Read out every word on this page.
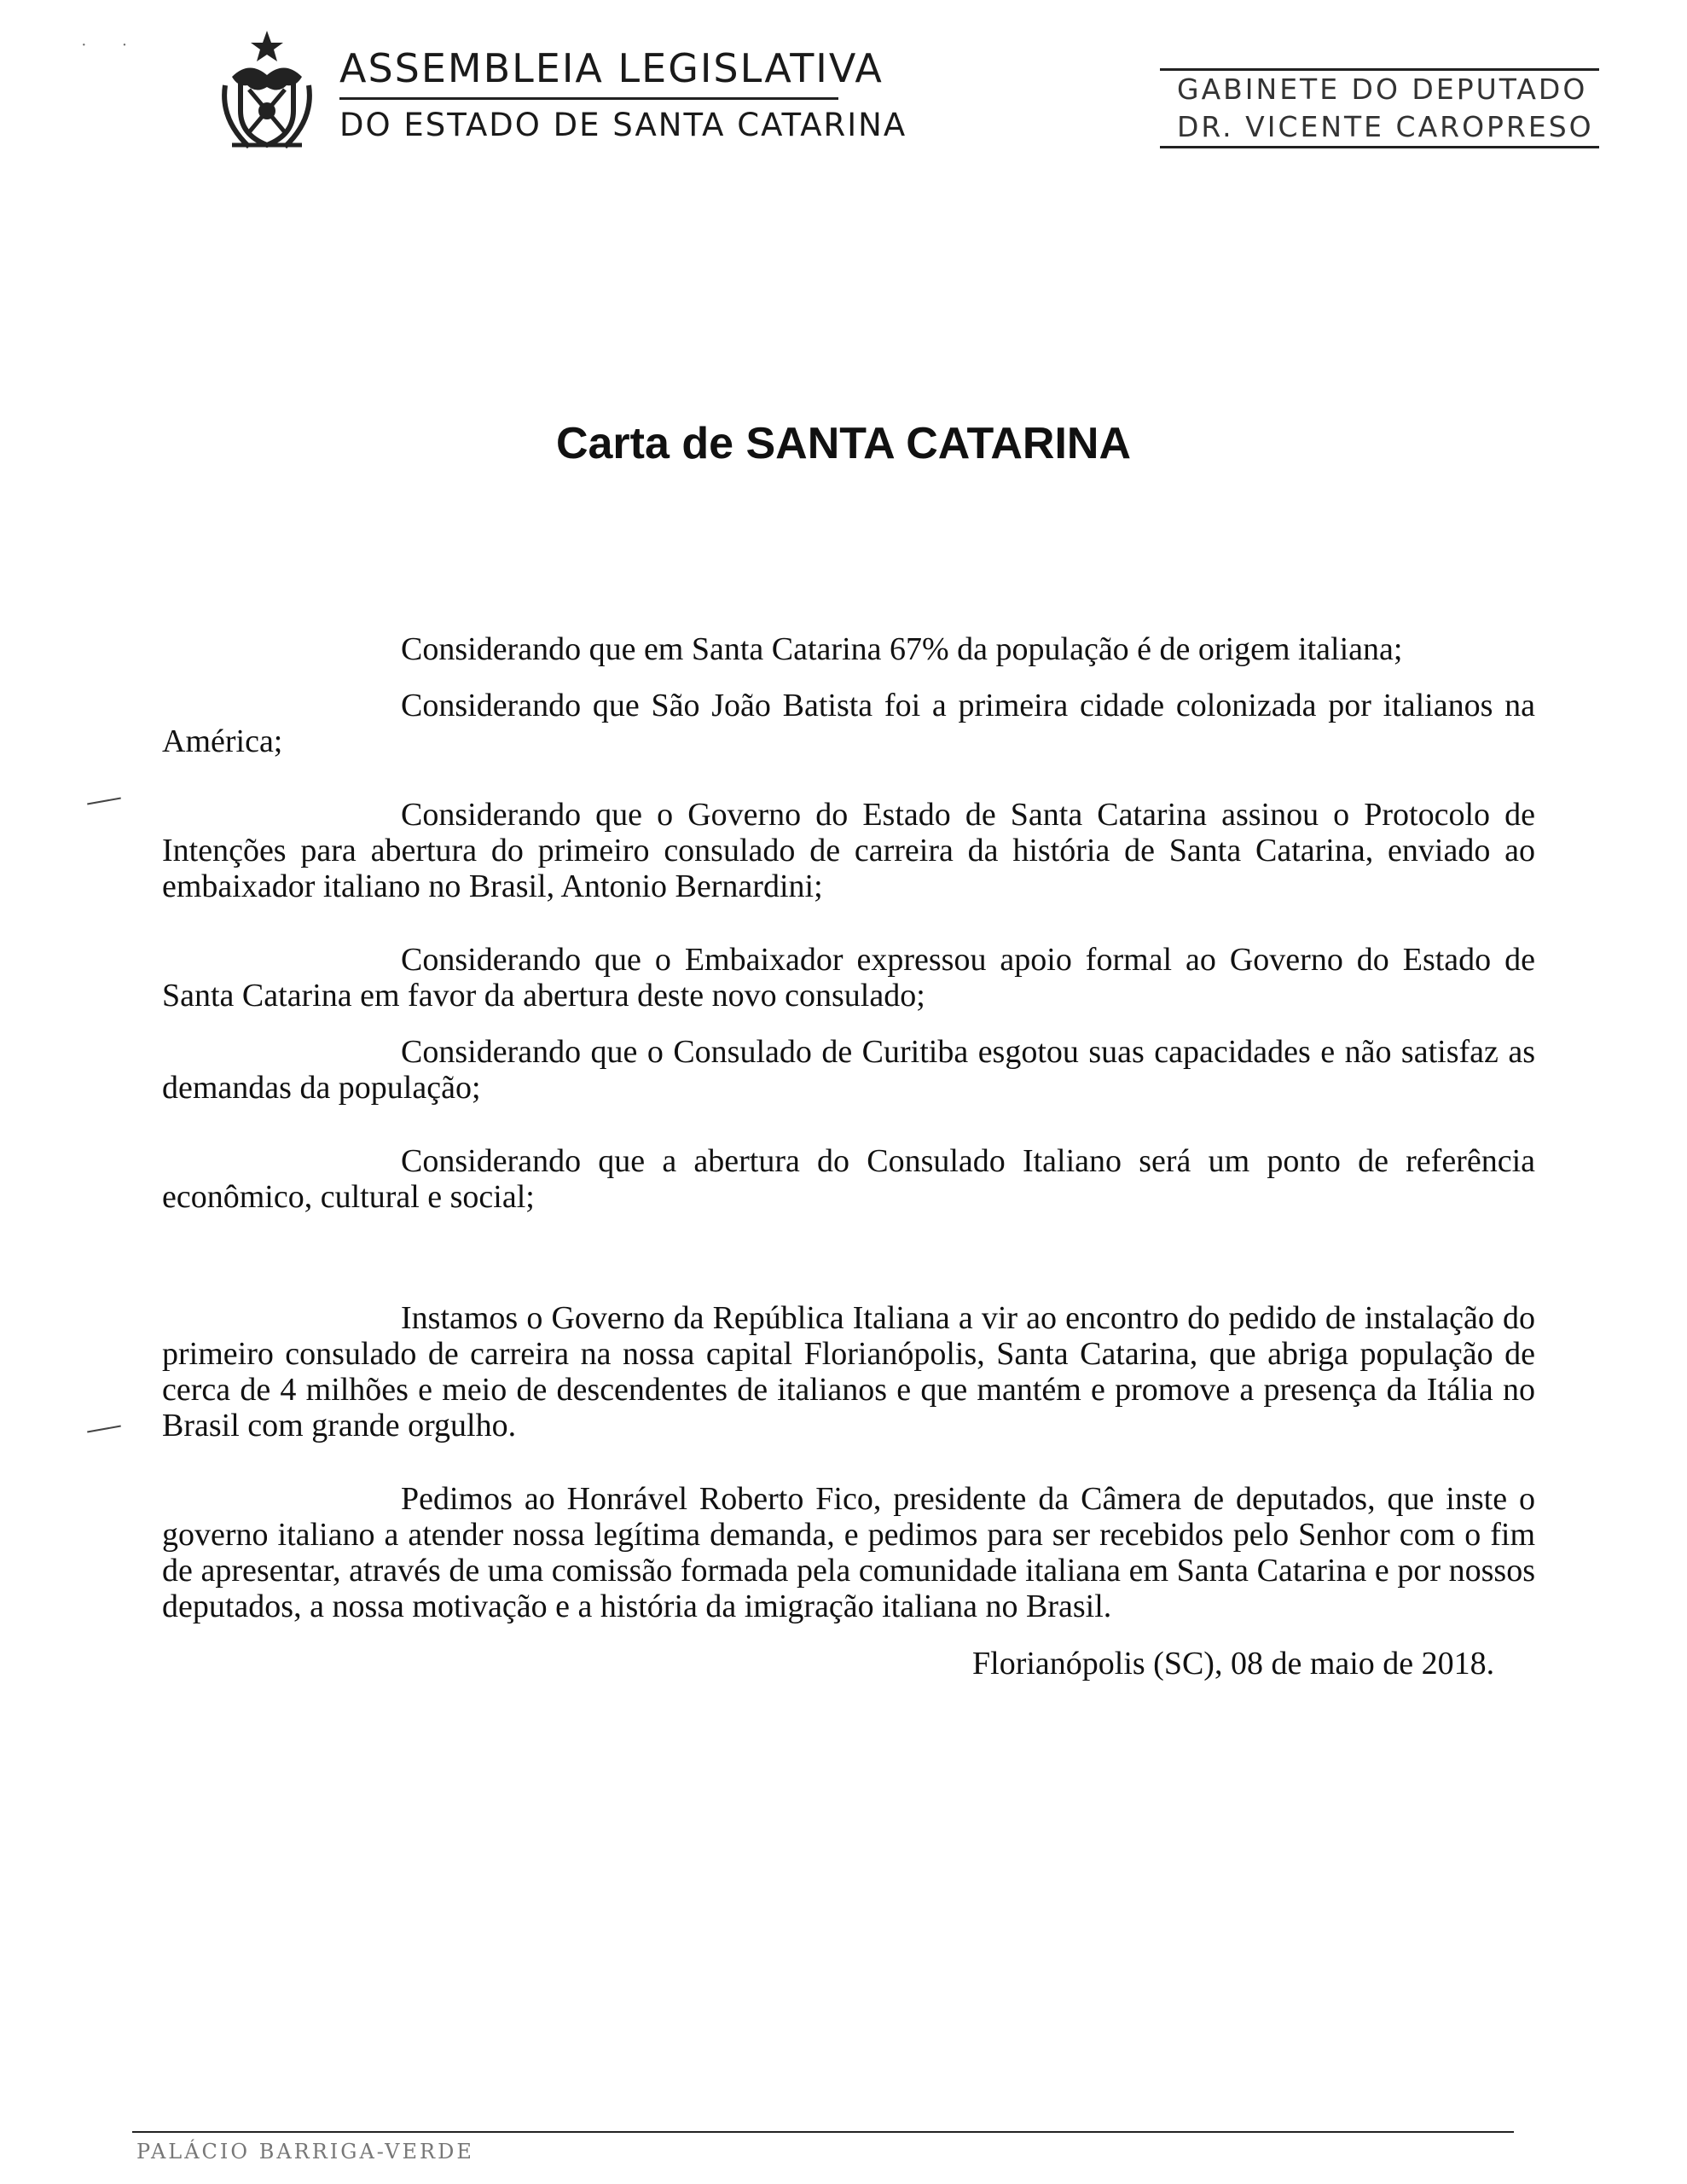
· ·	ASSEMBLEIA LEGISLATIVA
DO ESTADO DE SANTA CATARINA
GABINETE DO DEPUTADO
DR. VICENTE CAROPRESO
Carta de SANTA CATARINA

Considerando que em Santa Catarina 67% da população é de origem italiana;

Considerando que São João Batista foi a primeira cidade colonizada por italianos na América;

Considerando que o Governo do Estado de Santa Catarina assinou o Protocolo de Intenções para abertura do primeiro consulado de carreira da história de Santa Catarina, enviado ao embaixador italiano no Brasil, Antonio Bernardini;

Considerando que o Embaixador expressou apoio formal ao Governo do Estado de Santa Catarina em favor da abertura deste novo consulado;

Considerando que o Consulado de Curitiba esgotou suas capacidades e não satisfaz as demandas da população;

Considerando que a abertura do Consulado Italiano será um ponto de referência econômico, cultural e social;

Instamos o Governo da República Italiana a vir ao encontro do pedido de instalação do primeiro consulado de carreira na nossa capital Florianópolis, Santa Catarina, que abriga população de cerca de 4 milhões e meio de descendentes de italianos e que mantém e promove a presença da Itália no Brasil com grande orgulho.

Pedimos ao Honrável Roberto Fico, presidente da Câmera de deputados, que inste o governo italiano a atender nossa legítima demanda, e pedimos para ser recebidos pelo Senhor com o fim de apresentar, através de uma comissão formada pela comunidade italiana em Santa Catarina e por nossos deputados, a nossa motivação e a história da imigração italiana no Brasil.

Florianópolis (SC), 08 de maio de 2018.
PALÁCIO BARRIGA-VERDE
